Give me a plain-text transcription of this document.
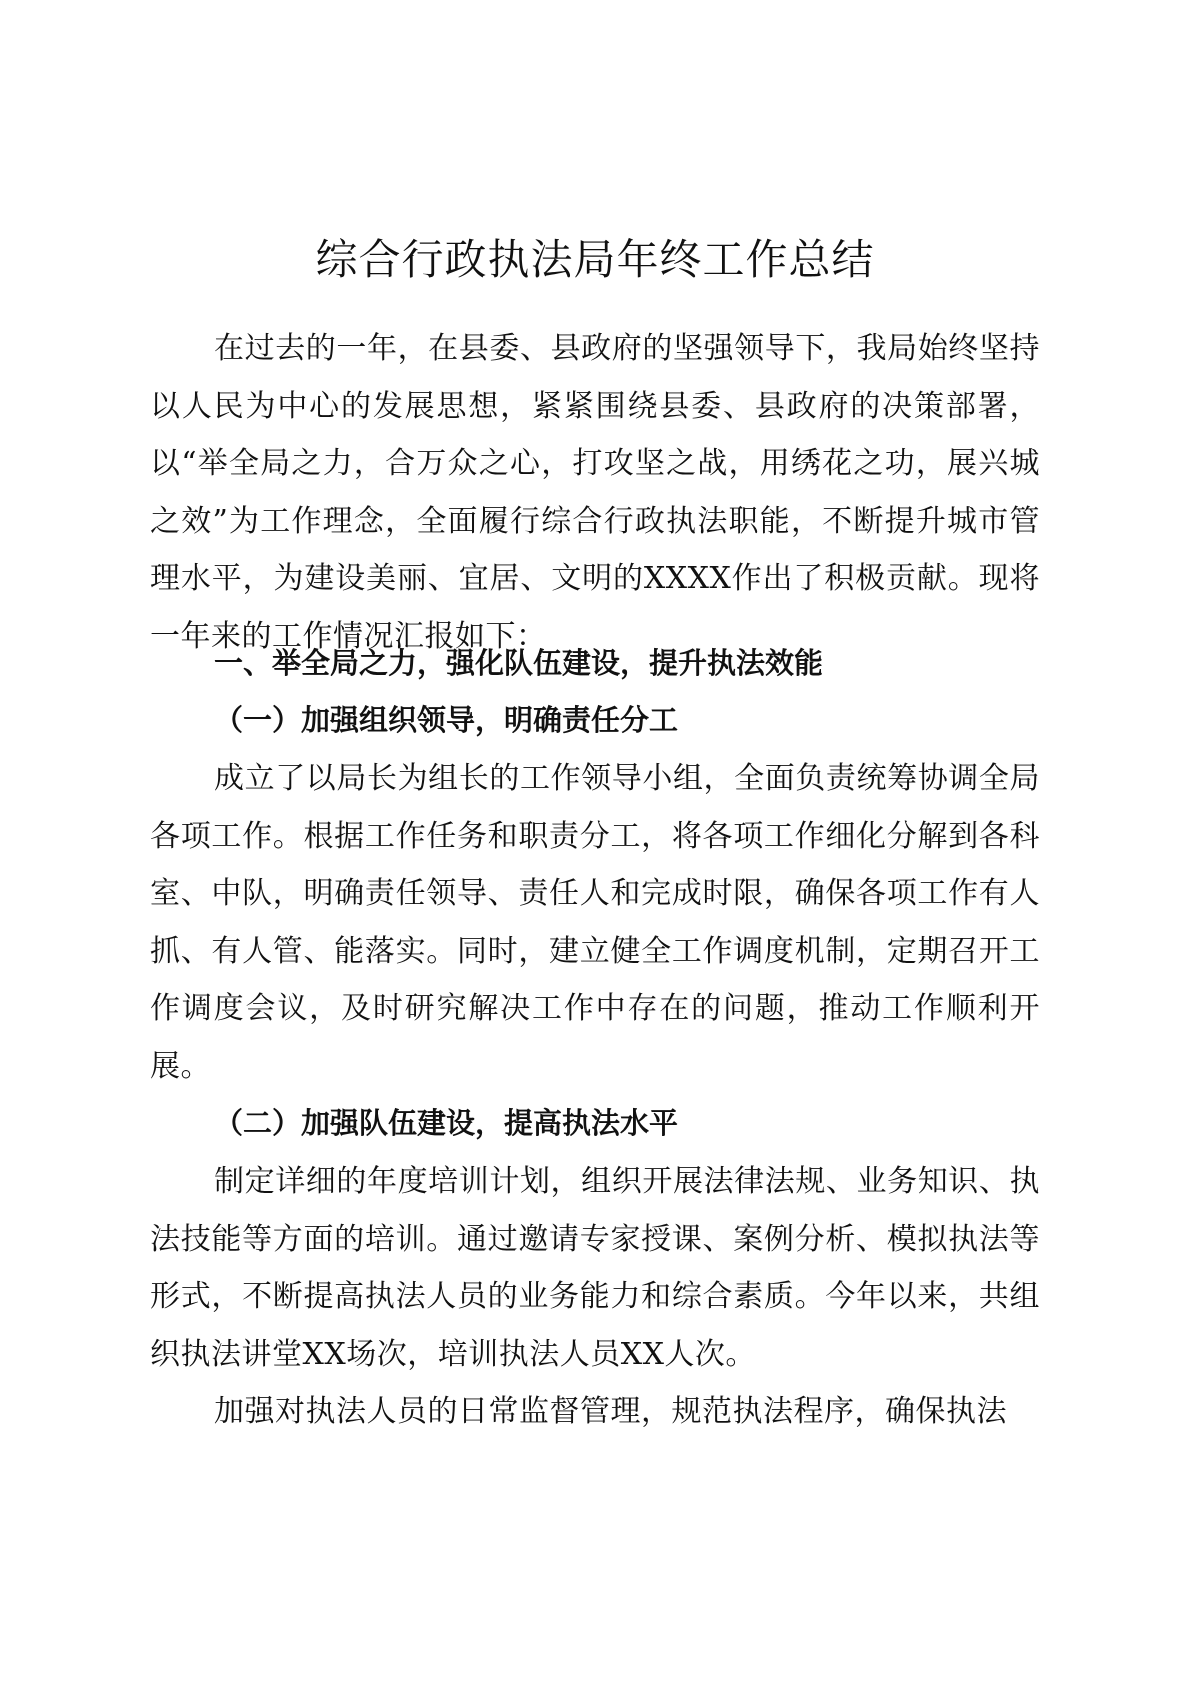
综合行政执法局年终工作总结

在过去的一年，在县委、县政府的坚强领导下，我局始终坚持以人民为中心的发展思想，紧紧围绕县委、县政府的决策部署，以“举全局之力，合万众之心，打攻坚之战，用绣花之功，展兴城之效”为工作理念，全面履行综合行政执法职能，不断提升城市管理水平，为建设美丽、宜居、文明的XXXX作出了积极贡献。现将一年来的工作情况汇报如下：

一、举全局之力，强化队伍建设，提升执法效能
（一）加强组织领导，明确责任分工

成立了以局长为组长的工作领导小组，全面负责统筹协调全局各项工作。根据工作任务和职责分工，将各项工作细化分解到各科室、中队，明确责任领导、责任人和完成时限，确保各项工作有人抓、有人管、能落实。同时，建立健全工作调度机制，定期召开工作调度会议，及时研究解决工作中存在的问题，推动工作顺利开展。

（二）加强队伍建设，提高执法水平

制定详细的年度培训计划，组织开展法律法规、业务知识、执法技能等方面的培训。通过邀请专家授课、案例分析、模拟执法等形式，不断提高执法人员的业务能力和综合素质。今年以来，共组织执法讲堂XX场次，培训执法人员XX人次。

加强对执法人员的日常监督管理，规范执法程序，确保执法
